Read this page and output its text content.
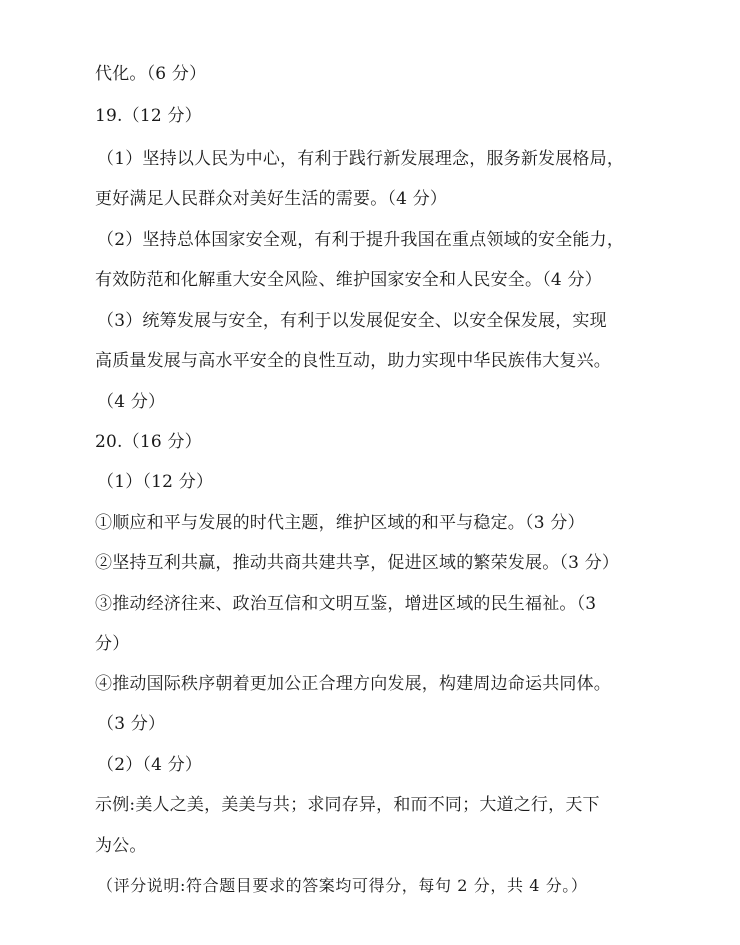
代化。（6 分）
19.（12 分）
（1）坚持以人民为中心，有利于践行新发展理念，服务新发展格局，
更好满足人民群众对美好生活的需要。（4 分）
（2）坚持总体国家安全观，有利于提升我国在重点领域的安全能力，
有效防范和化解重大安全风险、维护国家安全和人民安全。（4 分）
（3）统筹发展与安全，有利于以发展促安全、以安全保发展，实现
高质量发展与高水平安全的良性互动，助力实现中华民族伟大复兴。
（4 分）
20.（16 分）
（1）（12 分）
①顺应和平与发展的时代主题，维护区域的和平与稳定。（3 分）
②坚持互利共赢，推动共商共建共享，促进区域的繁荣发展。（3 分）
③推动经济往来、政治互信和文明互鉴，增进区域的民生福祉。（3
分）
④推动国际秩序朝着更加公正合理方向发展，构建周边命运共同体。
（3 分）
（2）（4 分）
示例:美人之美，美美与共；求同存异，和而不同；大道之行，天下
为公。
（评分说明:符合题目要求的答案均可得分，每句 2 分，共 4 分。）
